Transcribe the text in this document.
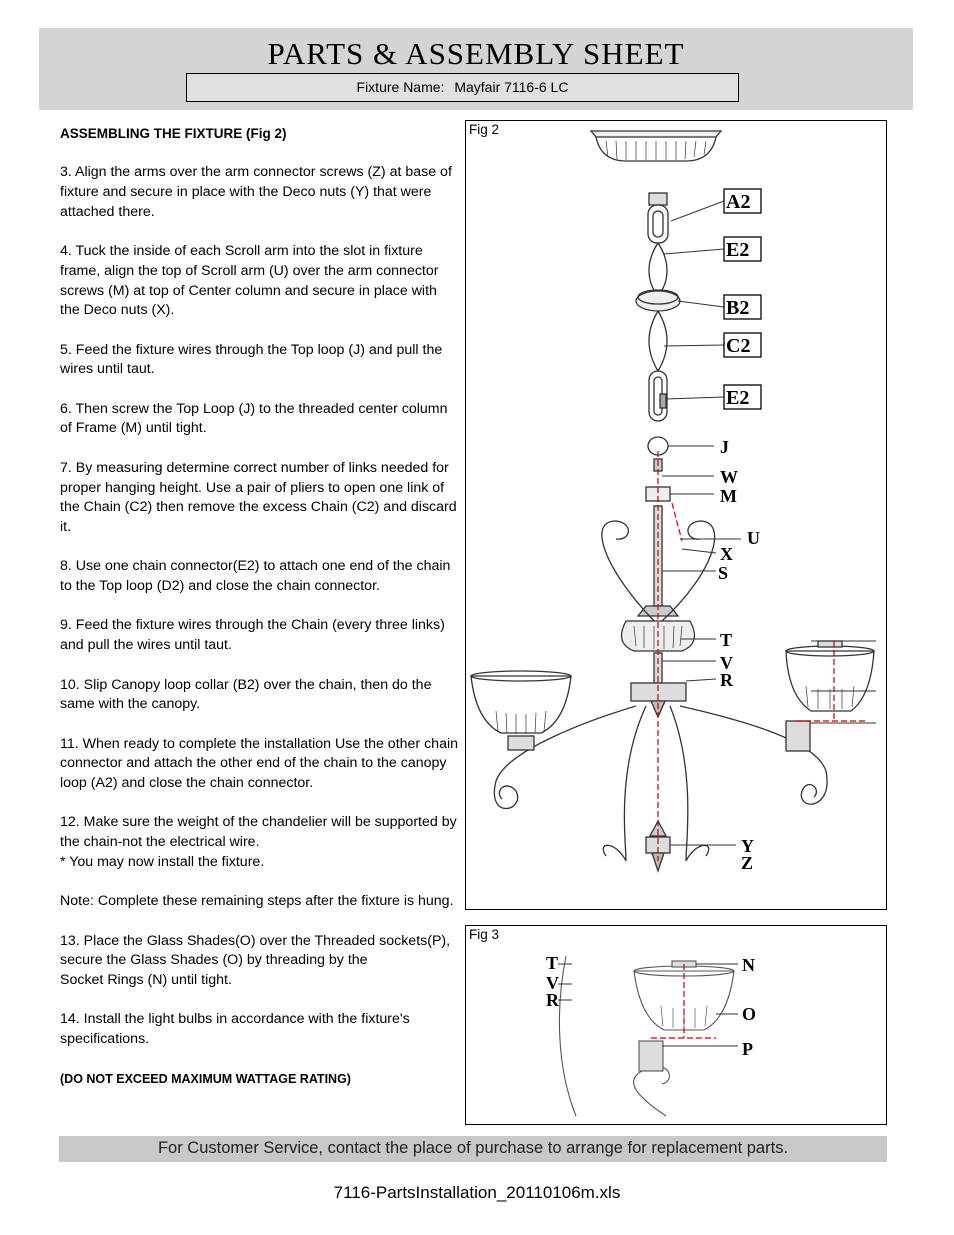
PARTS & ASSEMBLY SHEET
Fixture Name: Mayfair 7116-6 LC

ASSEMBLING THE FIXTURE (Fig 2)

3. Align the arms over the arm connector screws (Z) at base of fixture and secure in place with the Deco nuts (Y) that were attached there.

4. Tuck the inside of each Scroll arm into the slot in fixture frame, align the top of Scroll arm (U) over the arm connector screws (M) at top of Center column and secure in place with the Deco nuts (X).

5. Feed the fixture wires through the Top loop (J) and pull the wires until taut.

6. Then screw the Top Loop (J) to the threaded center column of Frame (M) until tight.

7. By measuring determine correct number of links needed for proper hanging height. Use a pair of pliers to open one link of the Chain (C2) then remove the excess Chain (C2) and discard it.

8. Use one chain connector(E2) to attach one end of the chain to the Top loop (D2) and close the chain connector.

9. Feed the fixture wires through the Chain (every three links) and pull the wires until taut.

10. Slip Canopy loop collar (B2) over the chain, then do the same with the canopy.

11. When ready to complete the installation Use the other chain connector and attach the other end of the chain to the canopy loop (A2) and close the chain connector.

12. Make sure the weight of the chandelier will be supported by the chain-not the electrical wire.
* You may now install the fixture.

Note: Complete these remaining steps after the fixture is hung.

13. Place the Glass Shades(O) over the Threaded sockets(P),
secure the Glass Shades (O) by threading by the
Socket Rings (N) until tight.

14. Install the light bulbs in accordance with the fixture's specifications.

(DO NOT EXCEED MAXIMUM WATTAGE RATING)

Fig 2
A2
E2
B2
C2
E2
J
W
M
U
X
S
T
V
R
Y
Z
Fig 3
T
V
R
N
O
P
For Customer Service, contact the place of purchase to arrange for replacement parts.
7116-PartsInstallation_20110106m.xls
